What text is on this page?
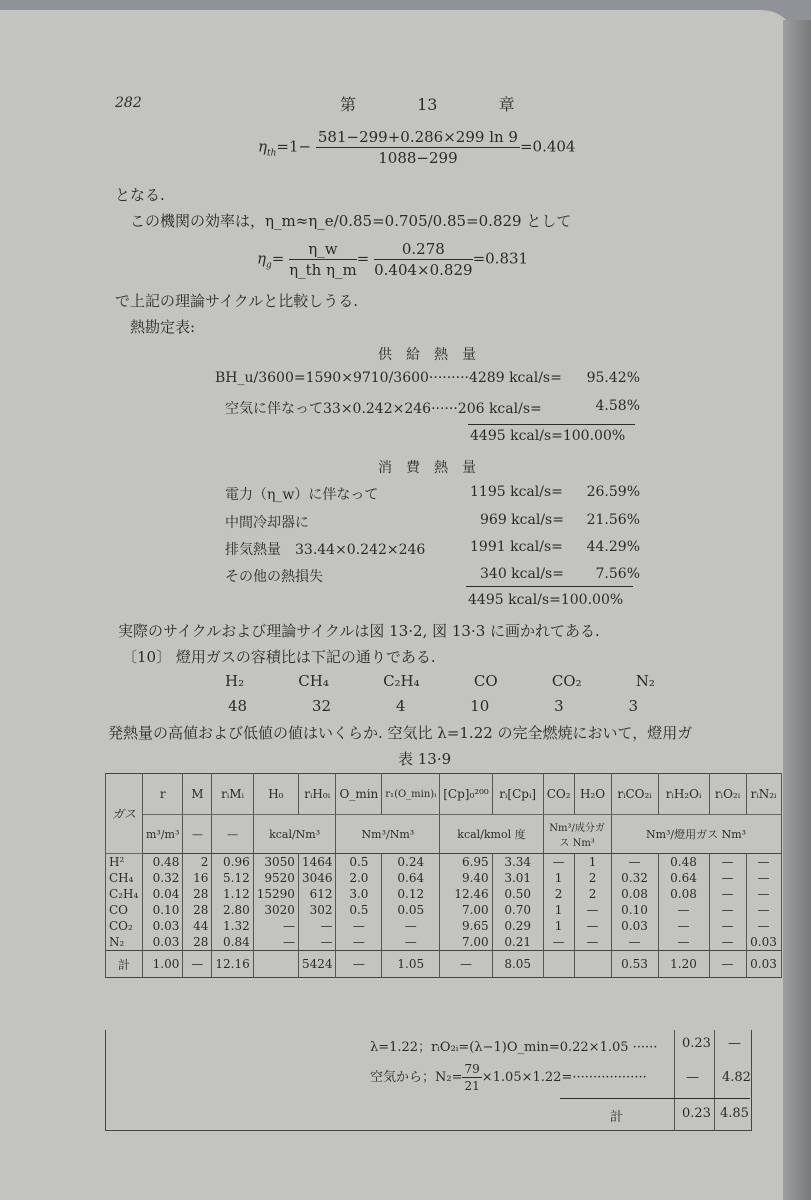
282	第	13	章
$\eta_{th}=1- \frac{581-299+0.286\times 299 \ln 9}{1088-299} =0.404$
となる.
この機関の効率は，η_m≈η_e/0.85=0.705/0.85=0.829 として
$\eta_g= \frac{\eta\_w}{\text{η\_th η\_m}} = \frac{0.278}{0.404\times 0.829} =0.831$
で上記の理論サイクルと比較しうる.
熱勘定表:
供給熱量
BH_u/3600=1590×9710/3600·········4289 kcal/s= 95.42%
空気に伴なって33×0.242×246······206 kcal/s=	4.58%
4495 kcal/s=100.00%
消費熱量
電力（η_w）に伴なって	1195 kcal/s= 26.59%
中間冷却器に	969 kcal/s= 21.56%
排気熱量　33.44×0.242×246	1991 kcal/s= 44.29%
その他の熱損失	340 kcal/s= 7.56%
4495 kcal/s=100.00%
実際のサイクルおよび理論サイクルは図 13·2, 図 13·3 に画かれてある.
〔10〕 燈用ガスの容積比は下記の通りである.
H₂	CH₄	C₂H₄	CO	CO₂	N₂
48	32	4	10	3	3
発熱量の高値および低値の値はいくらか. 空気比 λ=1.22 の完全燃焼において，燈用ガ
表 13·9
ガス	r	M	rᵢMᵢ	H₀	rᵢH₀ᵢ	O_min	r₁(O_min)ᵢ	[Cp]₀²⁰⁰	rᵢ[Cpᵢ]	CO₂	H₂O	rᵢCO₂ᵢ	rᵢH₂Oᵢ	rᵢO₂ᵢ	rᵢN₂ᵢ
	m³/m³	—	—	kcal/Nm³		Nm³/Nm³		kcal/kmol 度		Nm³/成分ガス Nm³		Nm³/燈用ガス Nm³			
H²	0.48	2	0.96	3050	1464	0.5	0.24	6.95	3.34	—	1	—	0.48	—	—
CH₄	0.32	16	5.12	9520	3046	2.0	0.64	9.40	3.01	1	2	0.32	0.64	—	—
C₂H₄	0.04	28	1.12	15290	612	3.0	0.12	12.46	0.50	2	2	0.08	0.08	—	—
CO	0.10	28	2.80	3020	302	0.5	0.05	7.00	0.70	1	—	0.10	—	—	—
CO₂	0.03	44	1.32	—	—	—	—	9.65	0.29	1	—	0.03	—	—	—
N₂	0.03	28	0.84	—	—	—	—	7.00	0.21	—	—	—	—	—	0.03
計	1.00	—	12.16		5424	—	1.05	—	8.05			0.53	1.20	—	0.03
λ=1.22；rᵢO₂ᵢ=(λ−1)O_min=0.22×1.05 ······ 0.23 —
空気から；$N_2= \frac{79}{21} \times 1.05\times 1.22=\cdot\cdot\cdot\cdot\cdot\cdot\cdot\cdot\cdot\cdot\cdot\cdot\cdot\cdot\cdot\cdot\cdot\cdot$	— 4.82
計	0.23 4.85
